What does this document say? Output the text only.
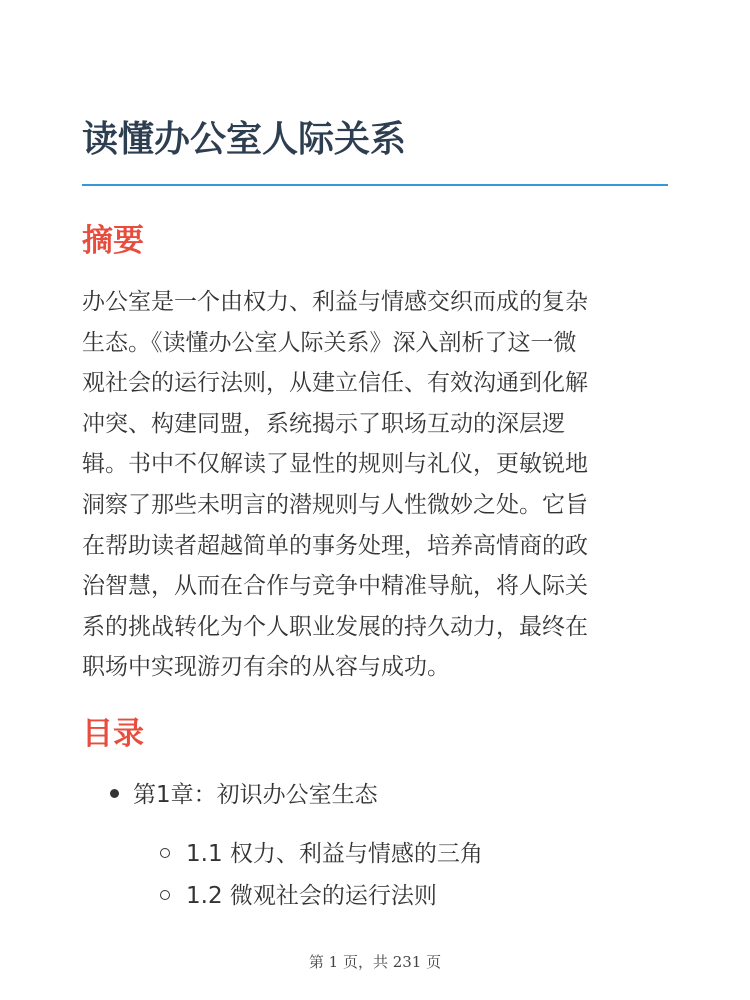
读懂办公室人际关系
摘要

办公室是一个由权力、利益与情感交织而成的复杂
生态。《读懂办公室人际关系》深入剖析了这一微
观社会的运行法则，从建立信任、有效沟通到化解
冲突、构建同盟，系统揭示了职场互动的深层逻
辑。书中不仅解读了显性的规则与礼仪，更敏锐地
洞察了那些未明言的潜规则与人性微妙之处。它旨
在帮助读者超越简单的事务处理，培养高情商的政
治智慧，从而在合作与竞争中精准导航，将人际关
系的挑战转化为个人职业发展的持久动力，最终在
职场中实现游刃有余的从容与成功。

目录
第1章：初识办公室生态
1.1 权力、利益与情感的三角
1.2 微观社会的运行法则
第 1 页，共 231 页
